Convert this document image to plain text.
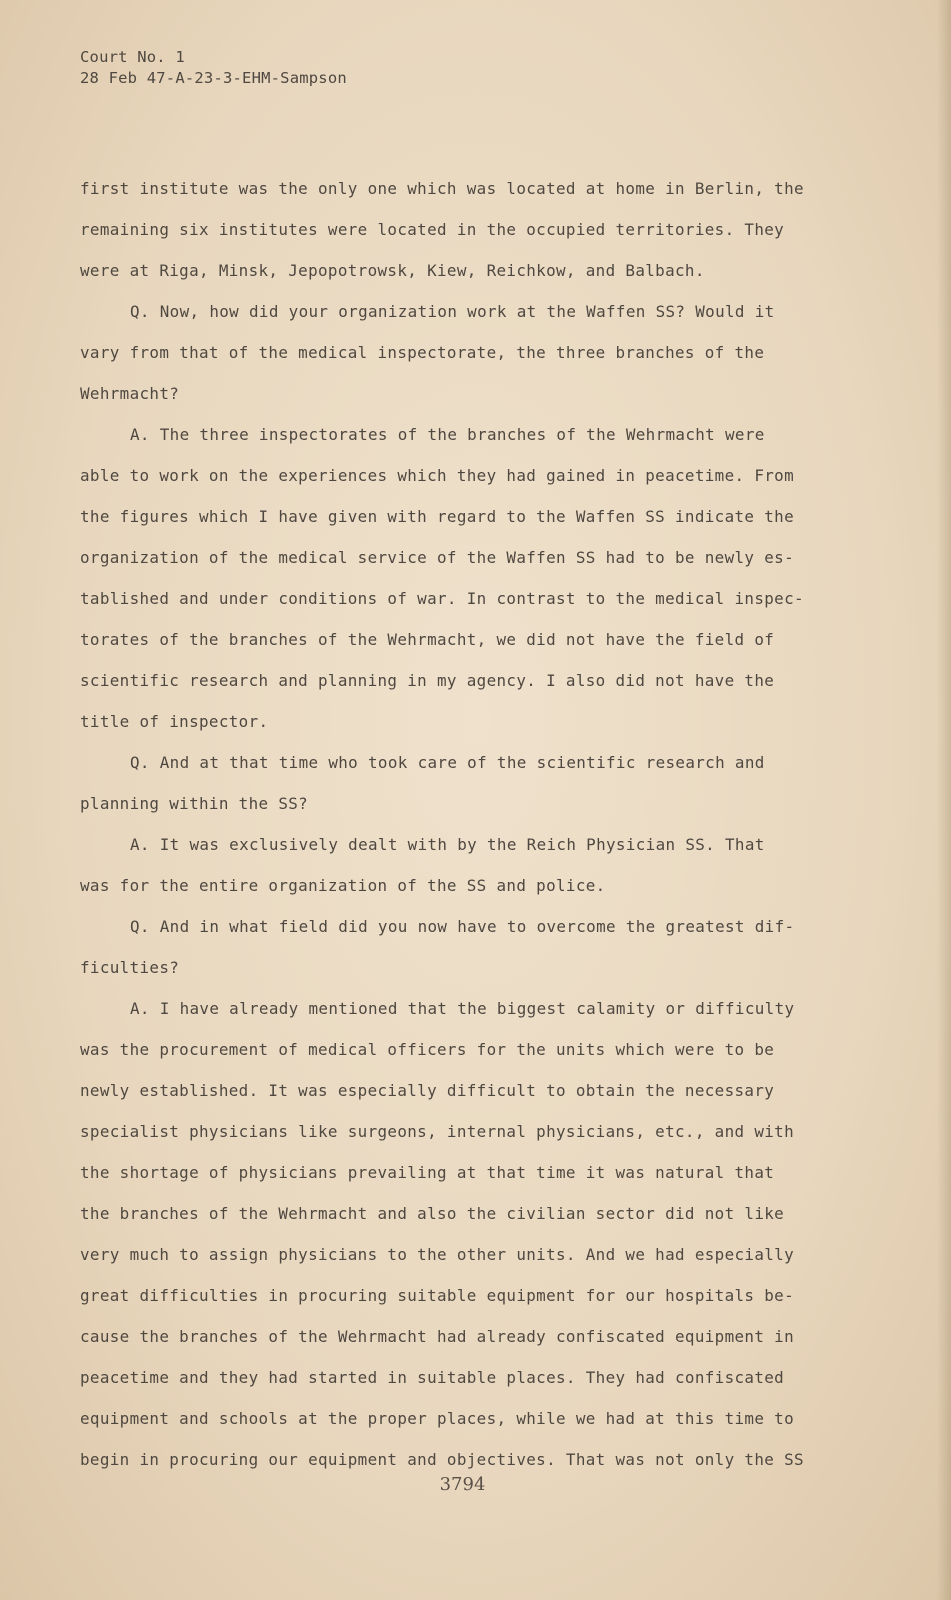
Court No. 1
28 Feb 47-A-23-3-EHM-Sampson
first institute was the only one which was located at home in Berlin, the
remaining six institutes were located in the occupied territories. They
were at Riga, Minsk, Jepopotrowsk, Kiew, Reichkow, and Balbach.
Q. Now, how did your organization work at the Waffen SS? Would it
vary from that of the medical inspectorate, the three branches of the
Wehrmacht?
A. The three inspectorates of the branches of the Wehrmacht were
able to work on the experiences which they had gained in peacetime. From
the figures which I have given with regard to the Waffen SS indicate the
organization of the medical service of the Waffen SS had to be newly es-
tablished and under conditions of war. In contrast to the medical inspec-
torates of the branches of the Wehrmacht, we did not have the field of
scientific research and planning in my agency. I also did not have the
title of inspector.
Q. And at that time who took care of the scientific research and
planning within the SS?
A. It was exclusively dealt with by the Reich Physician SS. That
was for the entire organization of the SS and police.
Q. And in what field did you now have to overcome the greatest dif-
ficulties?
A. I have already mentioned that the biggest calamity or difficulty
was the procurement of medical officers for the units which were to be
newly established. It was especially difficult to obtain the necessary
specialist physicians like surgeons, internal physicians, etc., and with
the shortage of physicians prevailing at that time it was natural that
the branches of the Wehrmacht and also the civilian sector did not like
very much to assign physicians to the other units. And we had especially
great difficulties in procuring suitable equipment for our hospitals be-
cause the branches of the Wehrmacht had already confiscated equipment in
peacetime and they had started in suitable places. They had confiscated
equipment and schools at the proper places, while we had at this time to
begin in procuring our equipment and objectives. That was not only the SS
3794
